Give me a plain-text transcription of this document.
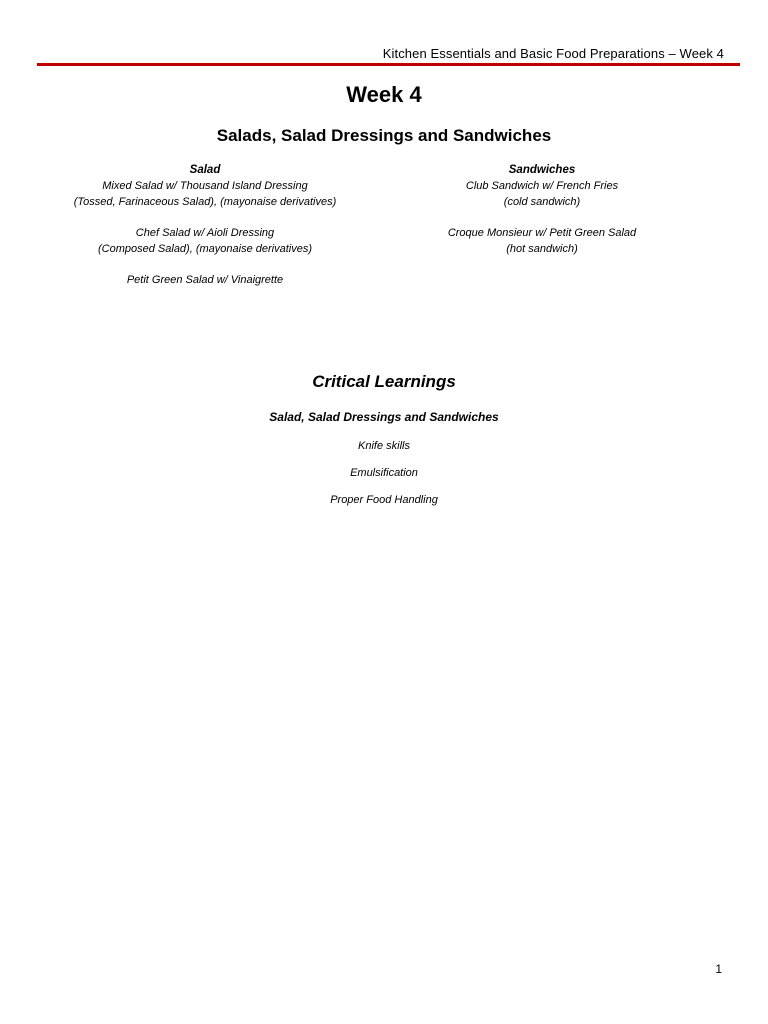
Kitchen Essentials and Basic Food Preparations – Week 4
Week 4
Salads, Salad Dressings and Sandwiches
Salad
Mixed Salad w/ Thousand Island Dressing
(Tossed, Farinaceous Salad), (mayonaise derivatives)
Chef Salad w/ Aioli Dressing
(Composed Salad), (mayonaise derivatives)
Petit Green Salad w/ Vinaigrette
Sandwiches
Club Sandwich w/ French Fries
(cold sandwich)
Croque Monsieur w/ Petit Green Salad
(hot sandwich)
Critical Learnings
Salad, Salad Dressings and Sandwiches
Knife skills
Emulsification
Proper Food Handling
1
